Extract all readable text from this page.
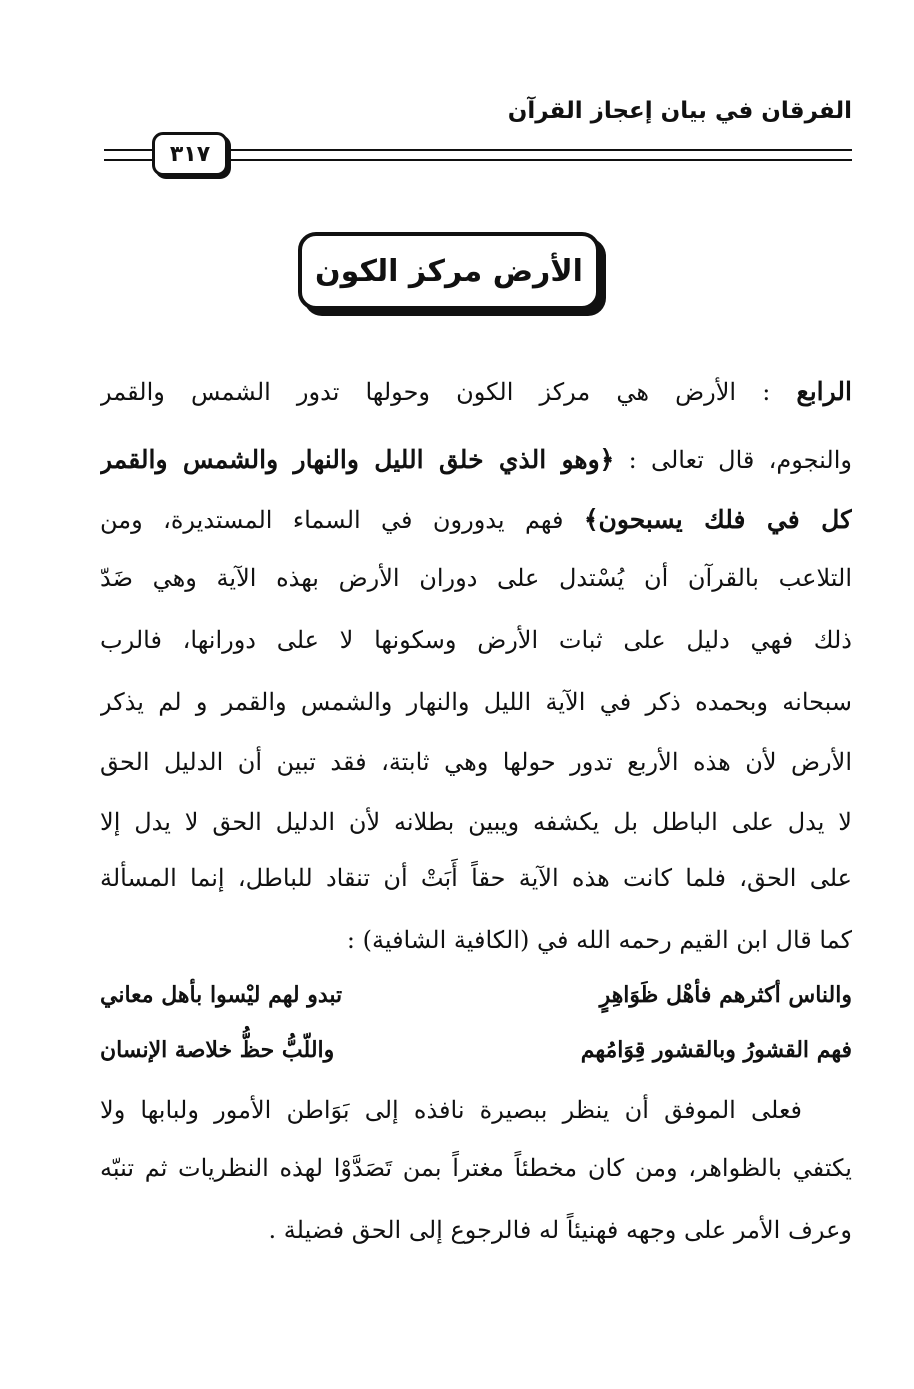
الفرقان في بيان إعجاز القرآن
٣١٧
الأرض مركز الكون
الرابع : الأرض هي مركز الكون وحولها تدور الشمس والقمر
والنجوم، قال تعالى : ﴿وهو الذي خلق الليل والنهار والشمس والقمر
كل في فلك يسبحون﴾ فهم يدورون في السماء المستديرة، ومن
التلاعب بالقرآن أن يُسْتدل على دوران الأرض بهذه الآية وهي ضَدّ
ذلك فهي دليل على ثبات الأرض وسكونها لا على دورانها، فالرب
سبحانه وبحمده ذكر في الآية الليل والنهار والشمس والقمر و لم يذكر
الأرض لأن هذه الأربع تدور حولها وهي ثابتة، فقد تبين أن الدليل الحق
لا يدل على الباطل بل يكشفه ويبين بطلانه لأن الدليل الحق لا يدل إلا
على الحق، فلما كانت هذه الآية حقاً أَبَتْ أن تنقاد للباطل، إنما المسألة
كما قال ابن القيم رحمه الله في (الكافية الشافية) :
والناس أكثرهم فأهْل ظَوَاهِرٍ
تبدو لهم ليْسوا بأهل معاني
فهم القشورُ وبالقشور قِوَامُهم
واللّبُّ حظُّ خلاصة الإنسان
فعلى الموفق أن ينظر ببصيرة نافذه إلى بَوَاطن الأمور ولبابها ولا
يكتفي بالظواهر، ومن كان مخطئاً مغتراً بمن تَصَدَّوْا لهذه النظريات ثم تنبّه
وعرف الأمر على وجهه فهنيئاً له فالرجوع إلى الحق فضيلة .
